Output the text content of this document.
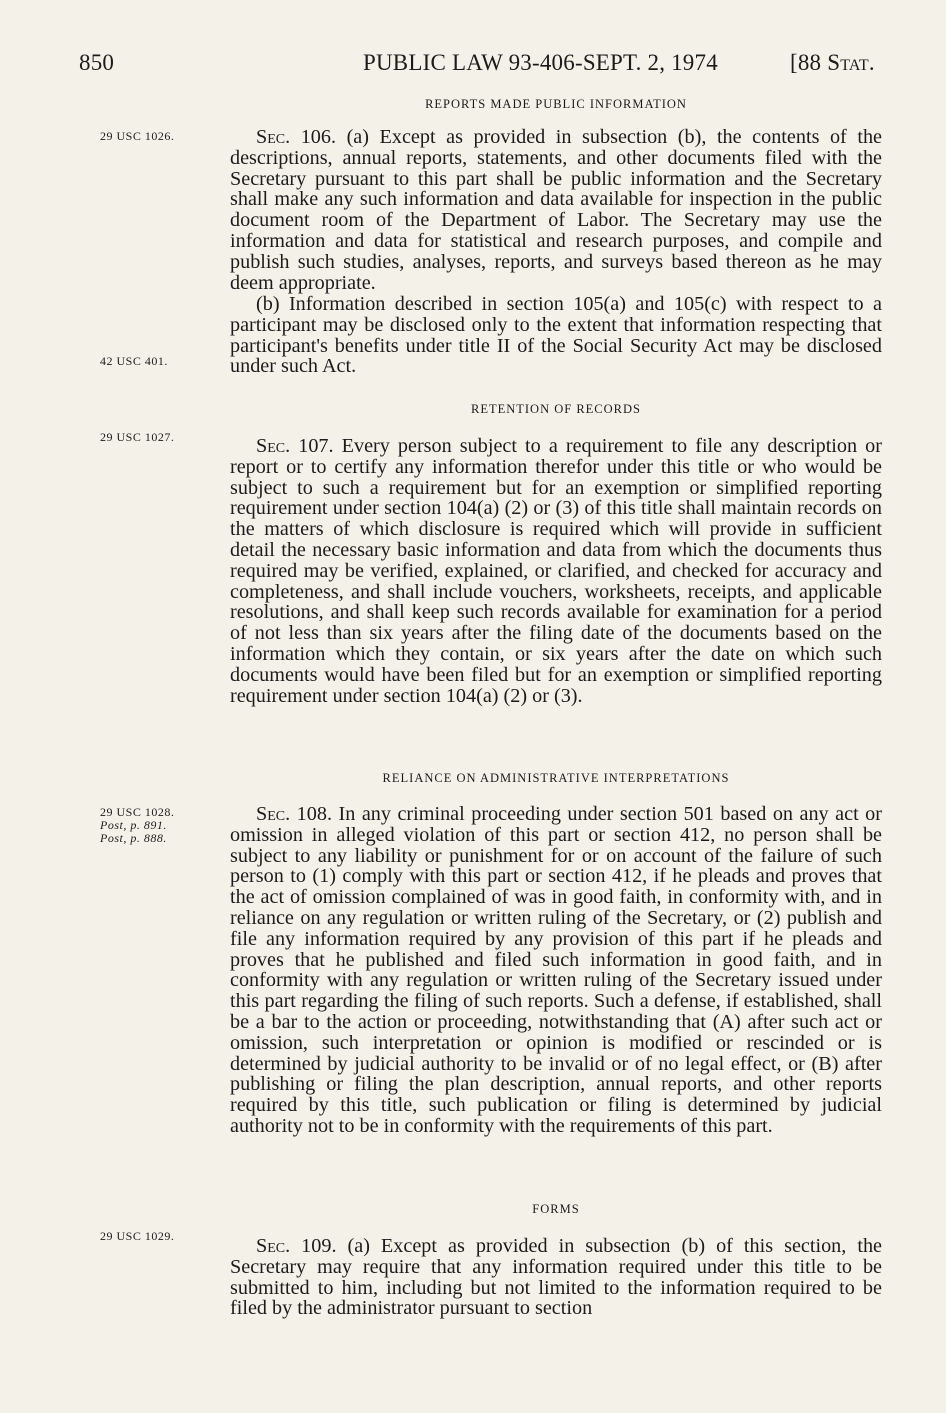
850	PUBLIC LAW 93-406-SEPT. 2, 1974	[88 Stat.
REPORTS MADE PUBLIC INFORMATION
29 USC 1026.	Sec. 106. (a) Except as provided in subsection (b), the contents of the descriptions, annual reports, statements, and other documents filed with the Secretary pursuant to this part shall be public information and the Secretary shall make any such information and data available for inspection in the public document room of the Department of Labor. The Secretary may use the information and data for statistical and research purposes, and compile and publish such studies, analyses, reports, and surveys based thereon as he may deem appropriate.

(b) Information described in section 105(a) and 105(c) with respect to a participant may be disclosed only to the extent that information respecting that participant's benefits under title II of the Social Security Act may be disclosed under such Act.

42 USC 401.
RETENTION OF RECORDS
29 USC 1027.	Sec. 107. Every person subject to a requirement to file any description or report or to certify any information therefor under this title or who would be subject to such a requirement but for an exemption or simplified reporting requirement under section 104(a) (2) or (3) of this title shall maintain records on the matters of which disclosure is required which will provide in sufficient detail the necessary basic information and data from which the documents thus required may be verified, explained, or clarified, and checked for accuracy and completeness, and shall include vouchers, worksheets, receipts, and applicable resolutions, and shall keep such records available for examination for a period of not less than six years after the filing date of the documents based on the information which they contain, or six years after the date on which such documents would have been filed but for an exemption or simplified reporting requirement under section 104(a) (2) or (3).

RELIANCE ON ADMINISTRATIVE INTERPRETATIONS
29 USC 1028.
Post, p. 891.
Post, p. 888.

Sec. 108. In any criminal proceeding under section 501 based on any act or omission in alleged violation of this part or section 412, no person shall be subject to any liability or punishment for or on account of the failure of such person to (1) comply with this part or section 412, if he pleads and proves that the act of omission complained of was in good faith, in conformity with, and in reliance on any regulation or written ruling of the Secretary, or (2) publish and file any information required by any provision of this part if he pleads and proves that he published and filed such information in good faith, and in conformity with any regulation or written ruling of the Secretary issued under this part regarding the filing of such reports. Such a defense, if established, shall be a bar to the action or proceeding, notwithstanding that (A) after such act or omission, such interpretation or opinion is modified or rescinded or is determined by judicial authority to be invalid or of no legal effect, or (B) after publishing or filing the plan description, annual reports, and other reports required by this title, such publication or filing is determined by judicial authority not to be in conformity with the requirements of this part.

FORMS
29 USC 1029.	Sec. 109. (a) Except as provided in subsection (b) of this section, the Secretary may require that any information required under this title to be submitted to him, including but not limited to the information required to be filed by the administrator pursuant to section
